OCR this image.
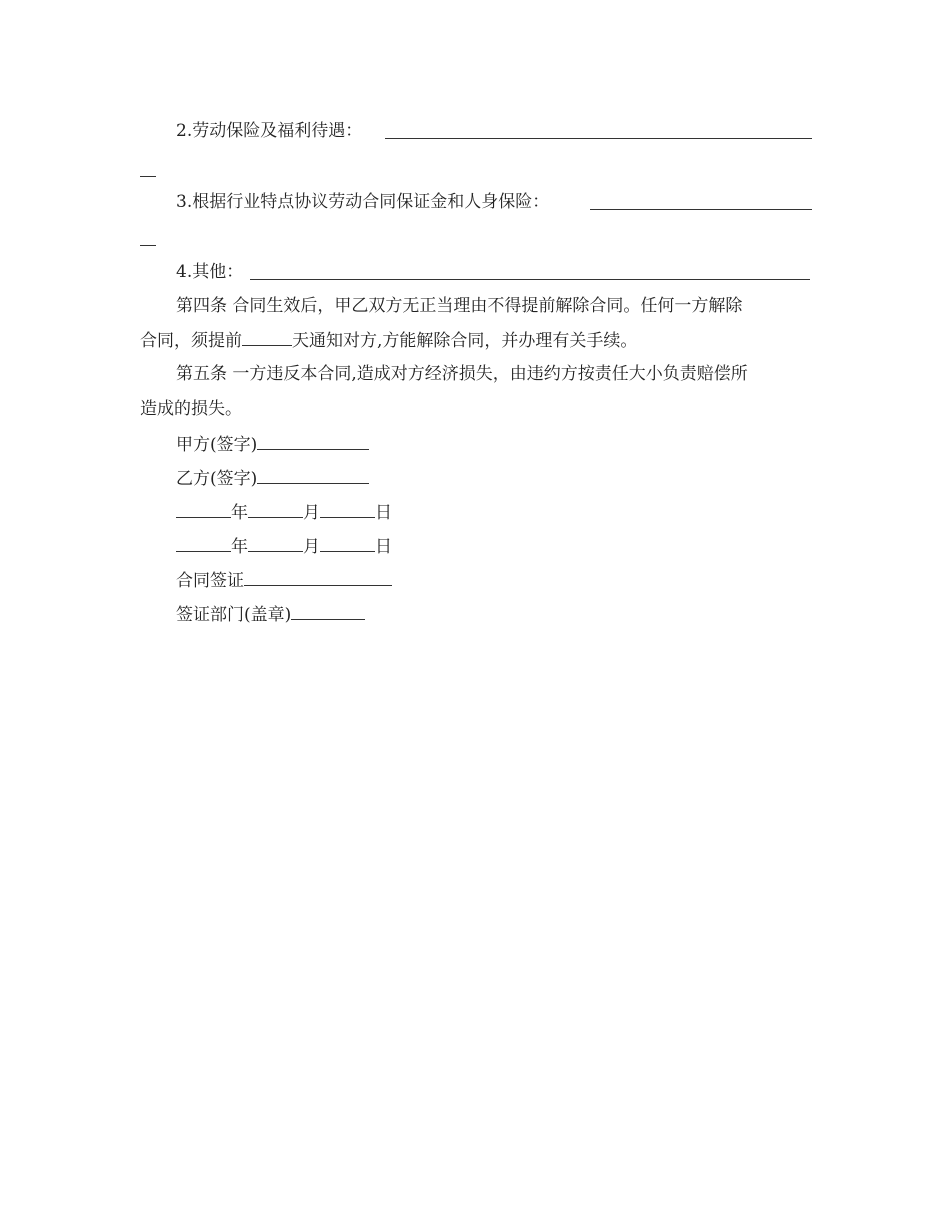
2.劳动保险及福利待遇：
3.根据行业特点协议劳动合同保证金和人身保险：
4.其他：
第四条 合同生效后，甲乙双方无正当理由不得提前解除合同。任何一方解除
合同，须提前	天通知对方,方能解除合同，并办理有关手续。
第五条 一方违反本合同,造成对方经济损失，由违约方按责任大小负责赔偿所
造成的损失。
甲方(签字)
乙方(签字)
年	月	日
年	月	日
合同签证
签证部门(盖章)
